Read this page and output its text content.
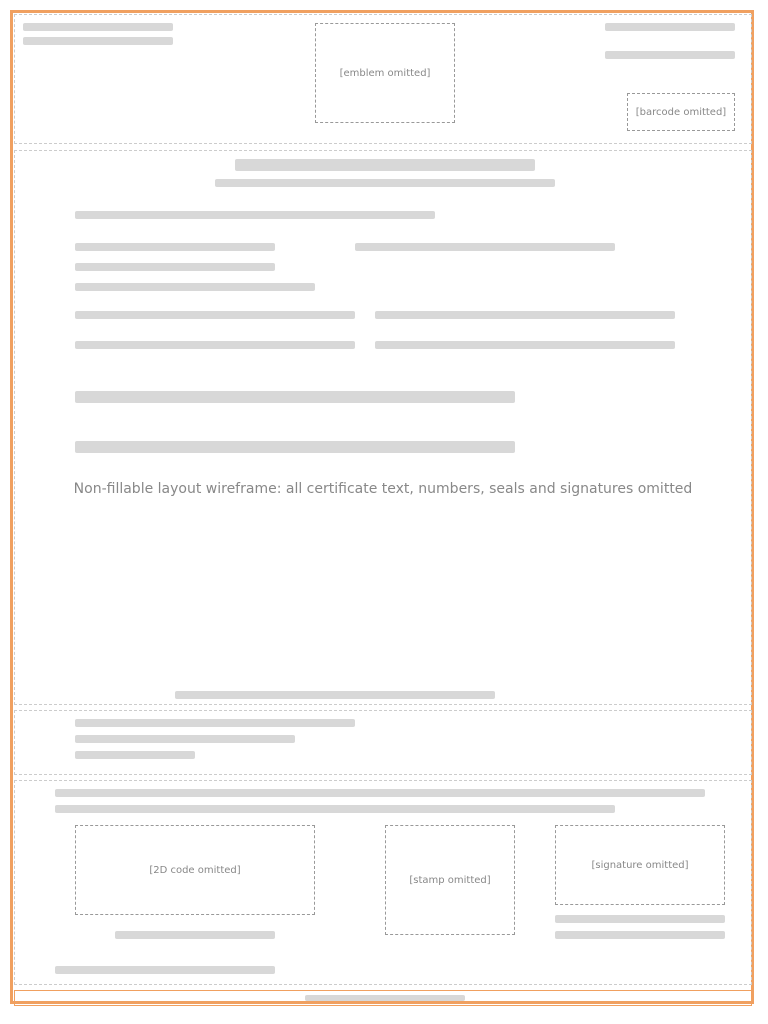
[emblem omitted]
[barcode omitted]
Non-fillable layout wireframe: all certificate text, numbers, seals and signatures omitted
[2D code omitted]
[stamp omitted]
[signature omitted]
